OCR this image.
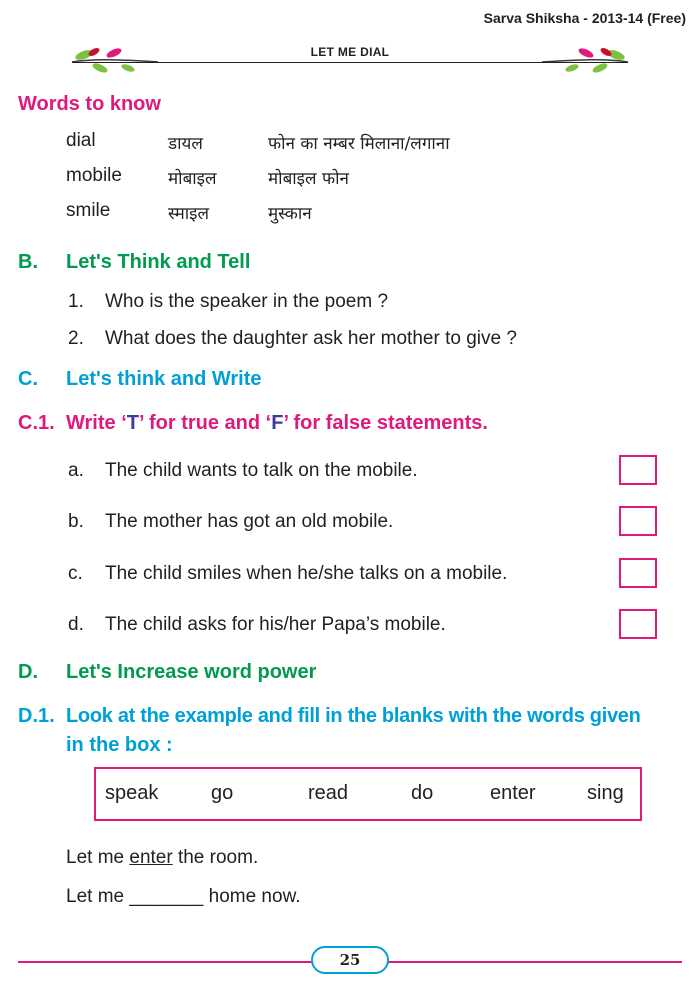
Sarva Shiksha - 2013-14 (Free)
LET ME DIAL
Words to know
dial	डायल	फोन का नम्बर मिलाना/लगाना
mobile	मोबाइल	मोबाइल फोन
smile	स्माइल	मुस्कान
B. Let's Think and Tell
1. Who is the speaker in the poem ?
2. What does the daughter ask her mother to give ?
C. Let's think and Write
C.1. Write ‘T’ for true and ‘F’ for false statements.
a. The child wants to talk on the mobile.
b. The mother has got an old mobile.
c. The child smiles when he/she talks on a mobile.
d. The child asks for his/her Papa’s mobile.
D. Let's Increase word power
D.1. Look at the example and fill in the blanks with the words given
in the box :
speak	go	read	do	enter	sing
Let me enter the room.
Let me _______ home now.
25
